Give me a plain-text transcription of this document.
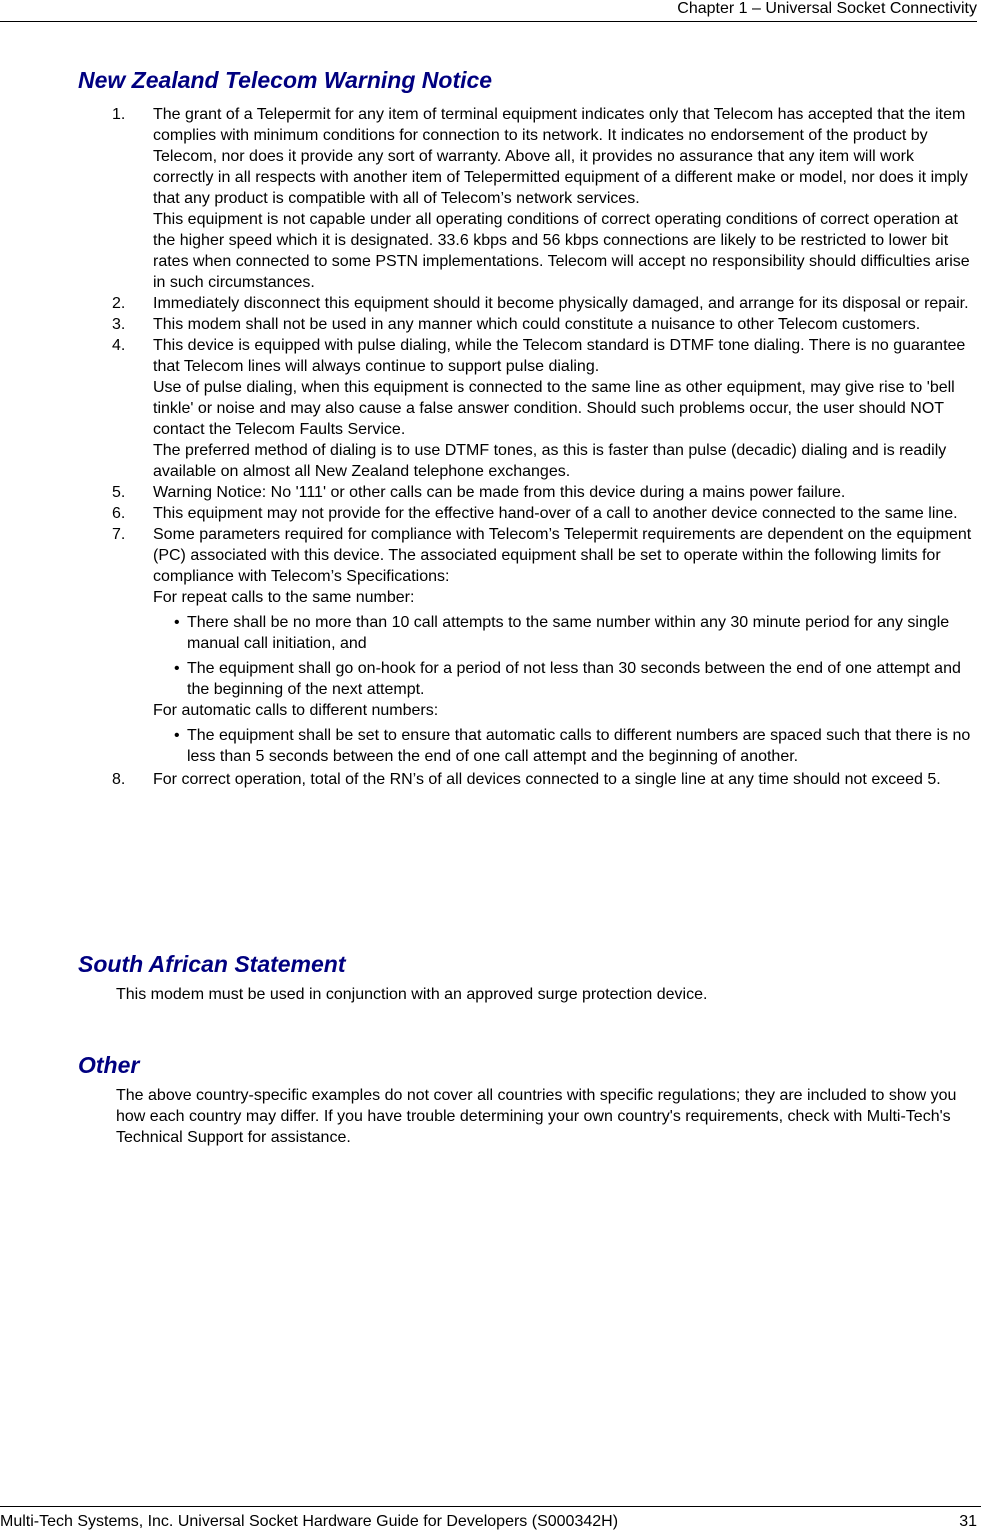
Chapter 1 – Universal Socket Connectivity
New Zealand Telecom Warning Notice
1. The grant of a Telepermit for any item of terminal equipment indicates only that Telecom has accepted that the item complies with minimum conditions for connection to its network. It indicates no endorsement of the product by Telecom, nor does it provide any sort of warranty. Above all, it provides no assurance that any item will work correctly in all respects with another item of Telepermitted equipment of a different make or model, nor does it imply that any product is compatible with all of Telecom’s network services.
This equipment is not capable under all operating conditions of correct operating conditions of correct operation at the higher speed which it is designated. 33.6 kbps and 56 kbps connections are likely to be restricted to lower bit rates when connected to some PSTN implementations. Telecom will accept no responsibility should difficulties arise in such circumstances.
2. Immediately disconnect this equipment should it become physically damaged, and arrange for its disposal or repair.
3. This modem shall not be used in any manner which could constitute a nuisance to other Telecom customers.
4. This device is equipped with pulse dialing, while the Telecom standard is DTMF tone dialing. There is no guarantee that Telecom lines will always continue to support pulse dialing.
Use of pulse dialing, when this equipment is connected to the same line as other equipment, may give rise to 'bell tinkle' or noise and may also cause a false answer condition. Should such problems occur, the user should NOT contact the Telecom Faults Service.
The preferred method of dialing is to use DTMF tones, as this is faster than pulse (decadic) dialing and is readily available on almost all New Zealand telephone exchanges.
5. Warning Notice: No '111' or other calls can be made from this device during a mains power failure.
6. This equipment may not provide for the effective hand-over of a call to another device connected to the same line.
7. Some parameters required for compliance with Telecom’s Telepermit requirements are dependent on the equipment (PC) associated with this device. The associated equipment shall be set to operate within the following limits for compliance with Telecom’s Specifications:
For repeat calls to the same number:
• There shall be no more than 10 call attempts to the same number within any 30 minute period for any single manual call initiation, and
• The equipment shall go on-hook for a period of not less than 30 seconds between the end of one attempt and the beginning of the next attempt.
For automatic calls to different numbers:
• The equipment shall be set to ensure that automatic calls to different numbers are spaced such that there is no less than 5 seconds between the end of one call attempt and the beginning of another.
8. For correct operation, total of the RN’s of all devices connected to a single line at any time should not exceed 5.
South African Statement

This modem must be used in conjunction with an approved surge protection device.

Other

The above country-specific examples do not cover all countries with specific regulations; they are included to show you how each country may differ. If you have trouble determining your own country's requirements, check with Multi-Tech's Technical Support for assistance.

Multi-Tech Systems, Inc. Universal Socket Hardware Guide for Developers (S000342H)	31
